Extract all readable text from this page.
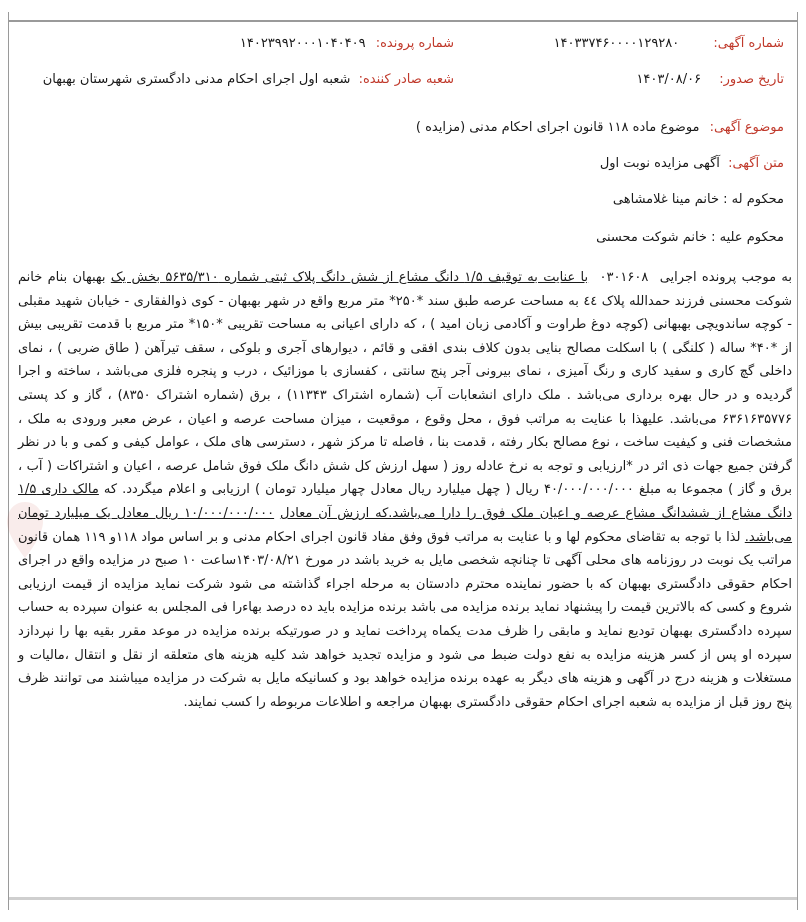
شماره آگهی: ۱۴۰۳۳۷۴۶۰۰۰۰۱۲۹۲۸۰
شماره پرونده: ۱۴۰۲۳۹۹۲۰۰۰۱۰۴۰۴۰۹
تاریخ صدور: ۱۴۰۳/۰۸/۰۶
شعبه صادر کننده: شعبه اول اجرای احکام مدنی دادگستری شهرستان بهبهان
موضوع آگهی: موضوع ماده ۱۱۸ قانون اجرای احکام مدنی (مزایده )
متن آگهی: آگهی مزایده نوبت اول
محکوم له : خانم مینا غلامشاهی
محکوم علیه : خانم شوکت محسنی
به موجب پرونده اجرایی ۰۳۰۱۶۰۸ با عنایت به توقیف ۱/۵ دانگ مشاع از شش دانگ پلاک ثبتی شماره ۵۶۳۵/۳۱۰ بخش یک بهبهان بنام خانم شوکت محسنی فرزند حمدالله پلاک ٤٤ به مساحت عرصه طبق سند *۲۵۰* متر مربع واقع در شهر بهبهان - کوی ذوالفقاری - خیابان شهید مقبلی - کوچه ساندویچی بهبهانی (کوچه دوغ طراوت و آکادمی زبان امید ) ، که دارای اعیانی به مساحت تقریبی *۱۵۰* متر مربع با قدمت تقریبی بیش از *۴۰* ساله ( کلنگی ) با اسکلت مصالح بنایی بدون کلاف بندی افقی و قائم ، دیوارهای آجری و بلوکی ، سقف تیرآهن ( طاق ضربی ) ، نمای داخلی گچ کاری و سفید کاری و رنگ آمیزی ، نمای بیرونی آجر پنج سانتی ، کفسازی با موزائیک ، درب و پنجره فلزی می‌باشد ، ساخته و اجرا گردیده و در حال بهره برداری می‌باشد . ملک دارای انشعابات آب (شماره اشتراک ۱۱۳۴۳) ، برق (شماره اشتراک ۸۳۵۰) ، گاز و کد پستی ۶۳۶۱۶۳۵۷۷۶ می‌باشد. علیهذا با عنایت به مراتب فوق ، محل وقوع ، موقعیت ، میزان مساحت عرصه و اعیان ، عرض معبر ورودی به ملک ، مشخصات فنی و کیفیت ساخت ، نوع مصالح بکار رفته ، قدمت بنا ، فاصله تا مرکز شهر ، دسترسی های ملک ، عوامل کیفی و کمی و با در نظر گرفتن جمیع جهات ذی اثر در *ارزیابی و توجه به نرخ عادله روز ( سهل ارزش کل شش دانگ ملک فوق شامل عرصه ، اعیان و اشتراکات ( آب ، برق و گاز ) مجموعا به مبلغ ۴۰/۰۰۰/۰۰۰/۰۰۰ ریال ( چهل میلیارد ریال معادل چهار میلیارد تومان ) ارزیابی و اعلام میگردد. که مالک داری ۱/۵ دانگ مشاع از ششدانگ مشاع عرصه و اعیان ملک فوق را دارا می‌باشد.که ارزش آن معادل ۱۰/۰۰۰/۰۰۰/۰۰۰ ریال معادل یک میلیارد تومان می‌باشد. لذا با توجه به تقاضای محکوم لها و با عنایت به مراتب فوق وفق مفاد قانون اجرای احکام مدنی و بر اساس مواد ۱۱۸و ۱۱۹ همان قانون مراتب یک نوبت در روزنامه های محلی آگهی تا چنانچه شخصی مایل به خرید باشد در مورخ ۱۴۰۳/۰۸/۲۱ساعت ۱۰ صبح در مزایده واقع در اجرای احکام حقوقی دادگستری بهبهان که با حضور نماینده محترم دادستان به مرحله اجراء گذاشته می شود شرکت نماید مزایده از قیمت ارزیابی شروع و کسی که بالاترین قیمت را پیشنهاد نماید برنده مزایده می باشد برنده مزایده باید ده درصد بهاءرا فی المجلس به عنوان سپرده به حساب سپرده دادگستری بهبهان تودیع نماید و مابقی را ظرف مدت یکماه پرداخت نماید و در صورتیکه برنده مزایده در موعد مقرر بقیه بها را نپردازد سپرده او پس از کسر هزینه مزایده به نفع دولت ضبط می شود و مزایده تجدید خواهد شد کلیه هزینه های متعلقه از نقل و انتقال ،مالیات و مستغلات و هزینه درج در آگهی و هزینه های دیگر به عهده برنده مزایده خواهد بود و کسانیکه مایل به شرکت در مزایده میباشند می توانند ظرف پنج روز قبل از مزایده به شعبه اجرای احکام حقوقی دادگستری بهبهان مراجعه و اطلاعات مربوطه را کسب نمایند.
